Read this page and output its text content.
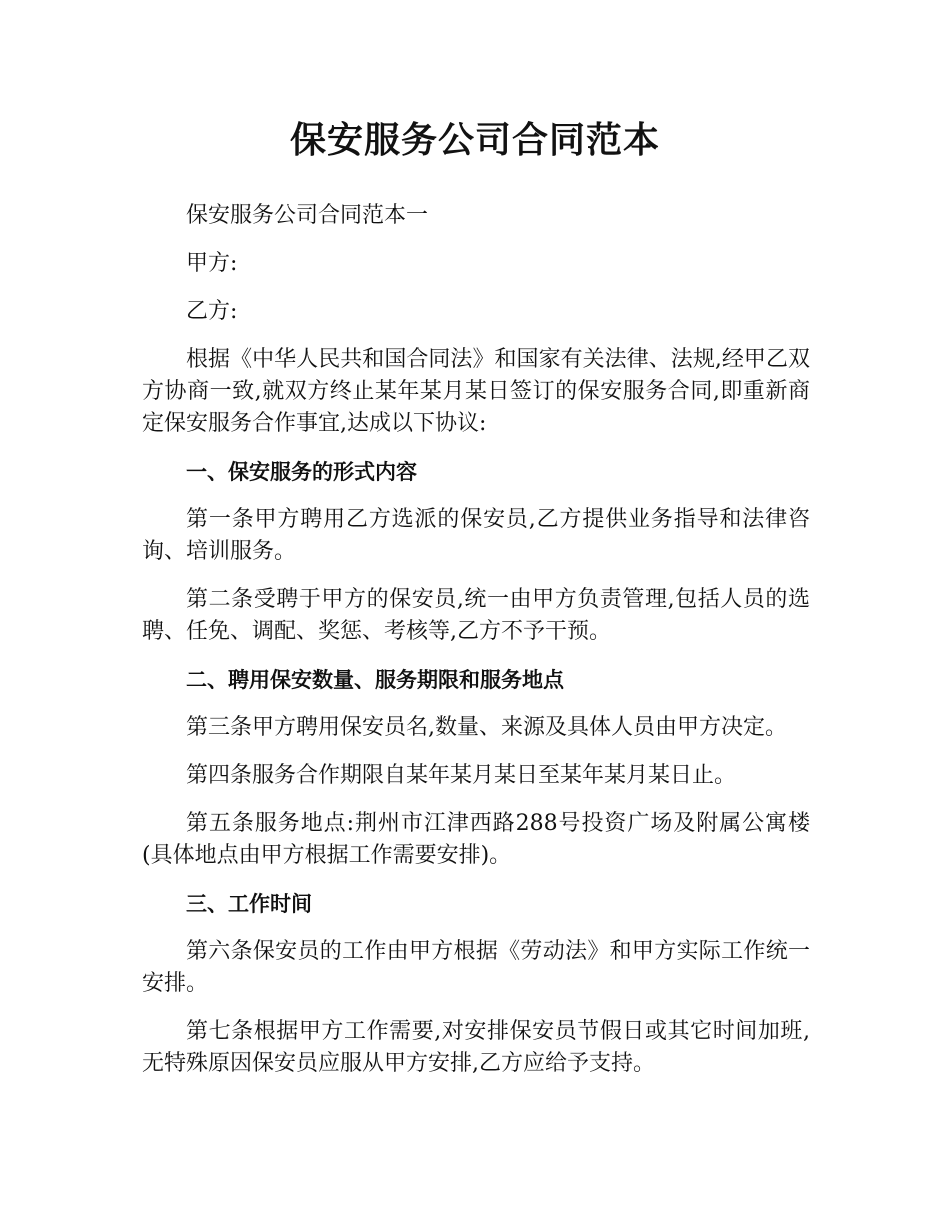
保安服务公司合同范本

保安服务公司合同范本一

甲方:

乙方:

根据《中华人民共和国合同法》和国家有关法律、法规,经甲乙双方协商一致,就双方终止某年某月某日签订的保安服务合同,即重新商定保安服务合作事宜,达成以下协议:

一、保安服务的形式内容

第一条甲方聘用乙方选派的保安员,乙方提供业务指导和法律咨询、培训服务。

第二条受聘于甲方的保安员,统一由甲方负责管理,包括人员的选聘、任免、调配、奖惩、考核等,乙方不予干预。

二、聘用保安数量、服务期限和服务地点

第三条甲方聘用保安员名,数量、来源及具体人员由甲方决定。

第四条服务合作期限自某年某月某日至某年某月某日止。

第五条服务地点:荆州市江津西路288号投资广场及附属公寓楼(具体地点由甲方根据工作需要安排)。

三、工作时间

第六条保安员的工作由甲方根据《劳动法》和甲方实际工作统一安排。

第七条根据甲方工作需要,对安排保安员节假日或其它时间加班,无特殊原因保安员应服从甲方安排,乙方应给予支持。
